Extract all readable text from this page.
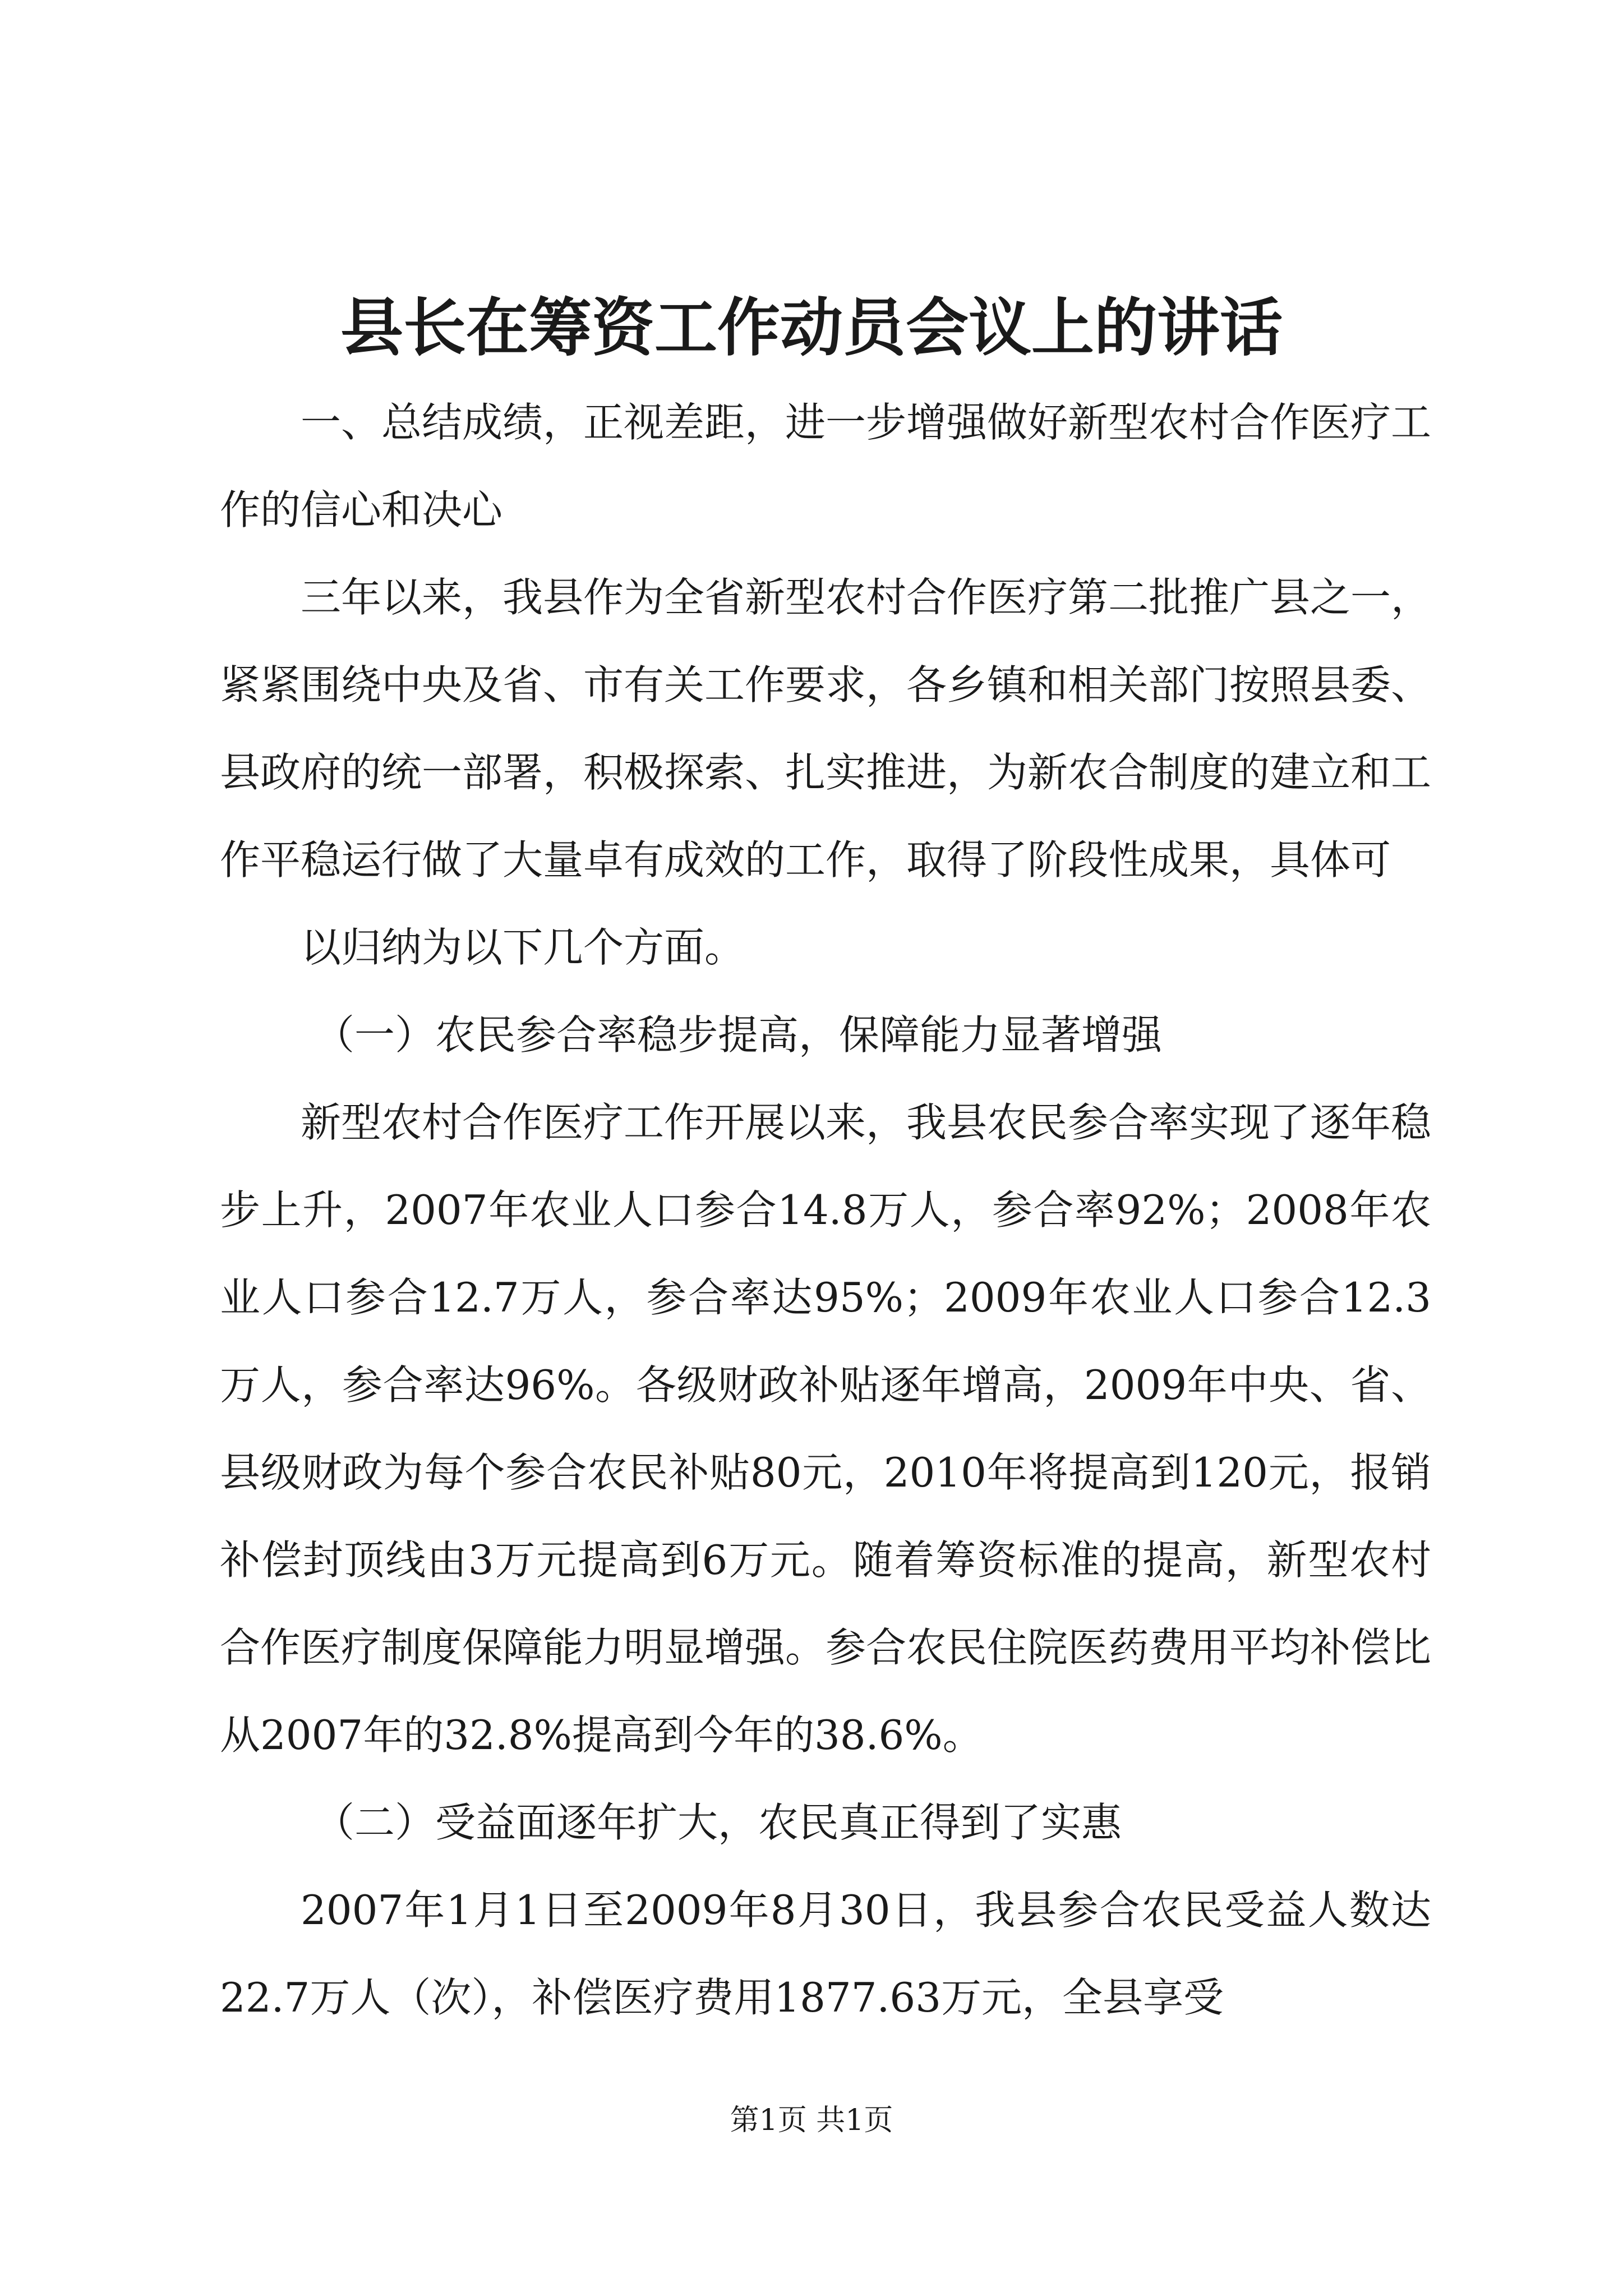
县长在筹资工作动员会议上的讲话

一、总结成绩，正视差距，进一步增强做好新型农村合作医疗工作的信心和决心

三年以来，我县作为全省新型农村合作医疗第二批推广县之一，紧紧围绕中央及省、市有关工作要求，各乡镇和相关部门按照县委、县政府的统一部署，积极探索、扎实推进，为新农合制度的建立和工作平稳运行做了大量卓有成效的工作，取得了阶段性成果，具体可

以归纳为以下几个方面。

（一）农民参合率稳步提高，保障能力显著增强

新型农村合作医疗工作开展以来，我县农民参合率实现了逐年稳步上升，2007年农业人口参合14.8万人，参合率92%；2008年农业人口参合12.7万人，参合率达95%；2009年农业人口参合12.3万人，参合率达96%。各级财政补贴逐年增高，2009年中央、省、县级财政为每个参合农民补贴80元，2010年将提高到120元，报销补偿封顶线由3万元提高到6万元。随着筹资标准的提高，新型农村合作医疗制度保障能力明显增强。参合农民住院医药费用平均补偿比从2007年的32.8%提高到今年的38.6%。

（二）受益面逐年扩大，农民真正得到了实惠

2007年1月1日至2009年8月30日，我县参合农民受益人数达22.7万人（次），补偿医疗费用1877.63万元，全县享受

第1页 共1页
